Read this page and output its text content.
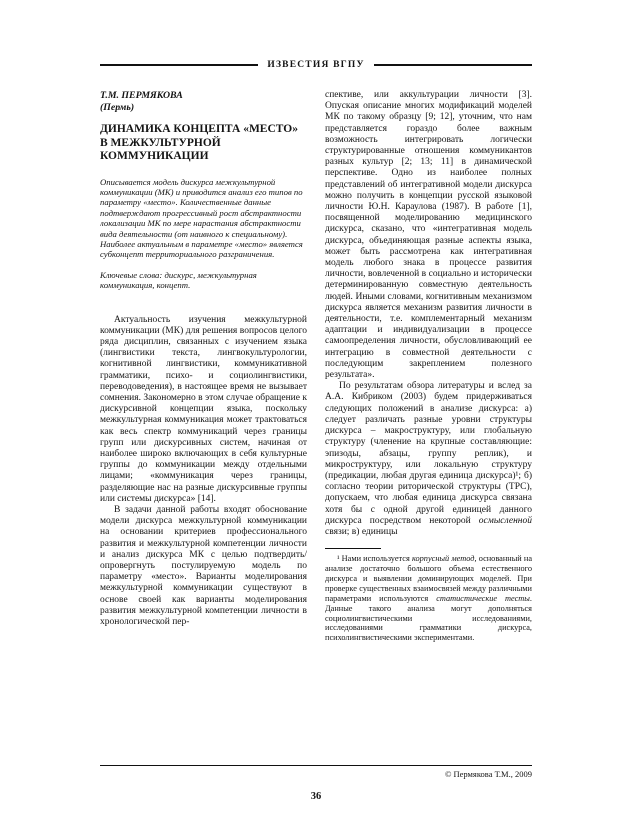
ИЗВЕСТИЯ ВГПУ
Т.М. ПЕРМЯКОВА
(Пермь)
ДИНАМИКА КОНЦЕПТА «МЕСТО»
В МЕЖКУЛЬТУРНОЙ
КОММУНИКАЦИИ

Описывается модель дискурса межкультурной коммуникации (МК) и приводится анализ его типов по параметру «место». Количественные данные подтверждают прогрессивный рост абстрактности локализации МК по мере нарастания абстрактности вида деятельности (от наивного к специальному). Наиболее актуальным в параметре «место» является субконцепт территориального разграничения.

Ключевые слова: дискурс, межкультурная коммуникация, концепт.

Актуальность изучения межкультурной коммуникации (МК) для решения вопросов целого ряда дисциплин, связанных с изучением языка (лингвистики текста, лингвокультурологии, когнитивной лингвистики, коммуникативной грамматики, психо- и социолингвистики, переводоведения), в настоящее время не вызывает сомнения. Закономерно в этом случае обращение к дискурсивной концепции языка, поскольку межкультурная коммуникация может трактоваться как весь спектр коммуникаций через границы групп или дискурсивных систем, начиная от наиболее широко включающих в себя культурные группы до коммуникации между отдельными лицами; «коммуникация через границы, разделяющие нас на разные дискурсивные группы или системы дискурса» [14].

В задачи данной работы входят обоснование модели дискурса межкультурной коммуникации на основании критериев профессионального развития и межкультурной компетенции личности и анализ дискурса МК с целью подтвердить/опровергнуть постулируемую модель по параметру «место». Варианты моделирования межкультурной коммуникации существуют в основе своей как варианты моделирования развития межкультурной компетенции личности в хронологической пер-

спективе, или аккультурации личности [3]. Опуская описание многих модификаций моделей МК по такому образцу [9; 12], уточним, что нам представляется гораздо более важным возможность интегрировать логически структурированные отношения коммуникантов разных культур [2; 13; 11] в динамической перспективе. Одно из наиболее полных представлений об интегративной модели дискурса можно получить в концепции русской языковой личности Ю.Н. Караулова (1987). В работе [1], посвященной моделированию медицинского дискурса, сказано, что «интегративная модель дискурса, объединяющая разные аспекты языка, может быть рассмотрена как интегративная модель любого знака в процессе развития личности, вовлеченной в социально и исторически детерминированную совместную деятельность людей. Иными словами, когнитивным механизмом дискурса является механизм развития личности в деятельности, т.е. комплементарный механизм адаптации и индивидуализации в процессе самоопределения личности, обусловливающий ее интеграцию в совместной деятельности с последующим закреплением полезного результата».

По результатам обзора литературы и вслед за А.А. Кибриком (2003) будем придерживаться следующих положений в анализе дискурса: а) следует различать разные уровни структуры дискурса – макроструктуру, или глобальную структуру (членение на крупные составляющие: эпизоды, абзацы, группу реплик), и микроструктуру, или локальную структуру (предикации, любая другая единица дискурса)¹; б) согласно теории риторической структуры (ТРС), допускаем, что любая единица дискурса связана хотя бы с одной другой единицей данного дискурса посредством некоторой осмысленной связи; в) единицы

¹ Нами используется корпусный метод, основанный на анализе достаточно большого объема естественного дискурса и выявлении доминирующих моделей. При проверке существенных взаимосвязей между различными параметрами используются статистические тесты. Данные такого анализа могут дополняться социолингвистическими исследованиями, исследованиями грамматики дискурса, психолингвистическими экспериментами.

© Пермякова Т.М., 2009
36
